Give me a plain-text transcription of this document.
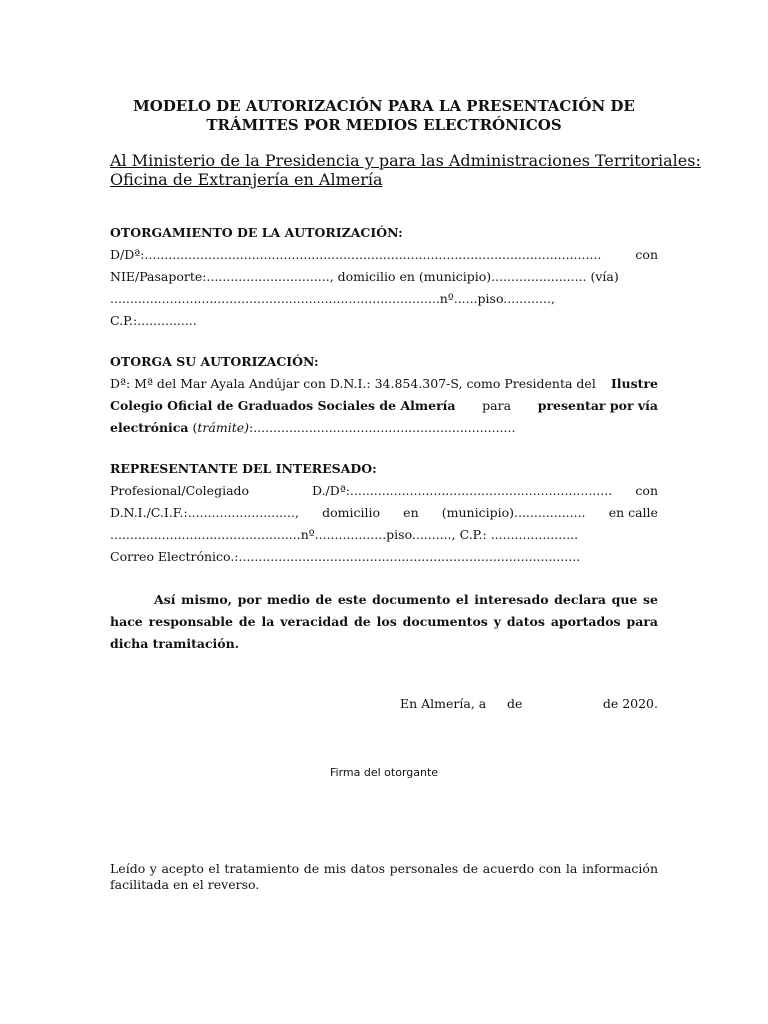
MODELO DE AUTORIZACIÓN PARA LA PRESENTACIÓN DE
TRÁMITES POR MEDIOS ELECTRÓNICOS
Al Ministerio de la Presidencia y para las Administraciones Territoriales:
Oficina de Extranjería en Almería
OTORGAMIENTO DE LA AUTORIZACIÓN:
D/Dª: ...................................................................................................................	con
NIE/Pasaporte:..............................., domicilio en (municipio)........................ (vía)
...................................................................................nº......piso............,
C.P.:...............
OTORGA SU AUTORIZACIÓN:
Dª: Mª del Mar Ayala Andújar con D.N.I.: 34.854.307-S, como Presidenta del Ilustre
Colegio Oficial de Graduados Sociales de Almería para presentar por vía
electrónica (trámite):..................................................................
REPRESENTANTE DEL INTERESADO:
Profesional/Colegiado	D./Dª:.................................................................. con
D.N.I./C.I.F.:..........................., domicilio en (municipio).................. en calle
................................................nº..................piso.........., C.P.: ......................
Correo Electrónico.:......................................................................................
Así mismo, por medio de este documento el interesado declara que se hace responsable de la veracidad de los documentos y datos aportados para dicha tramitación.
En Almería, a de	de 2020.
Firma del otorgante
Leído y acepto el tratamiento de mis datos personales de acuerdo con la información
facilitada en el reverso.
